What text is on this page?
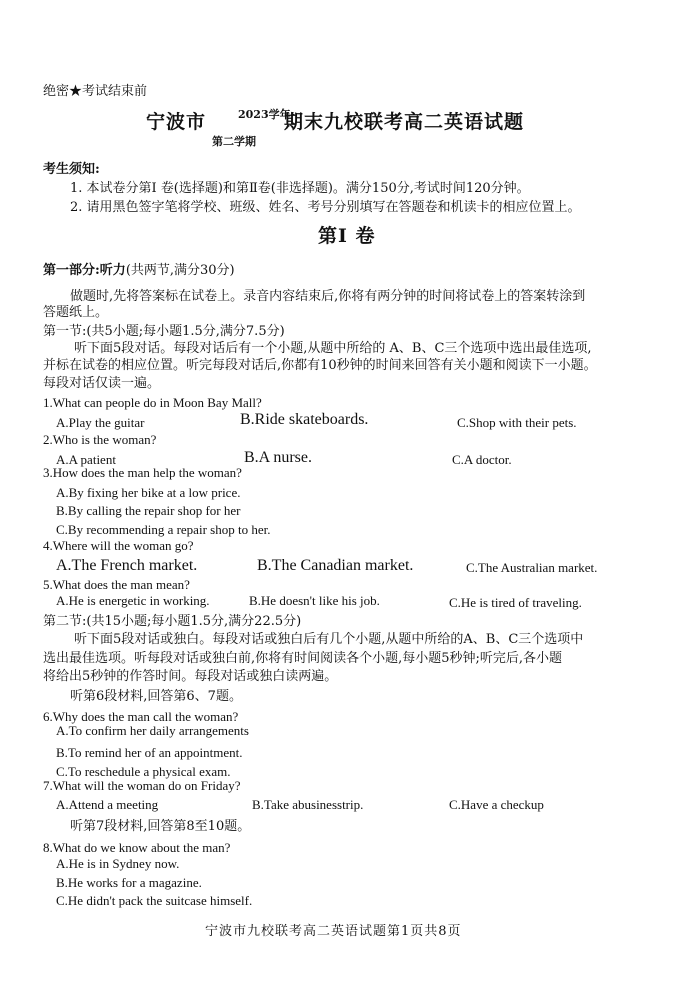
绝密★考试结束前
宁波市	2023学年
第二学期
期末九校联考高二英语试题
考生须知:
1. 本试卷分第I 卷(选择题)和第Ⅱ卷(非选择题)。满分150分,考试时间120分钟。
2. 请用黑色签字笔将学校、班级、姓名、考号分别填写在答题卷和机读卡的相应位置上。
第I 卷
第一部分:听力(共两节,满分30分)
做题时,先将答案标在试卷上。录音内容结束后,你将有两分钟的时间将试卷上的答案转涂到
答题纸上。
第一节:(共5小题;每小题1.5分,满分7.5分)
听下面5段对话。每段对话后有一个小题,从题中所给的 A、B、C三个选项中选出最佳选项,
并标在试卷的相应位置。听完每段对话后,你都有10秒钟的时间来回答有关小题和阅读下一小题。
每段对话仅读一遍。
1.What can people do in Moon Bay Mall?
A.Play the guitar	B.Ride skateboards.	C.Shop with their pets.
2.Who is the woman?
A.A patient	B.A nurse.	C.A doctor.
3.How does the man help the woman?
A.By fixing her bike at a low price.
B.By calling the repair shop for her
C.By recommending a repair shop to her.
4.Where will the woman go?
A.The French market.	B.The Canadian market.	C.The Australian market.
5.What does the man mean?
A.He is energetic in working.	B.He doesn't like his job.	C.He is tired of traveling.
第二节:(共15小题;每小题1.5分,满分22.5分)
听下面5段对话或独白。每段对话或独白后有几个小题,从题中所给的A、B、C三个选项中
选出最佳选项。听每段对话或独白前,你将有时间阅读各个小题,每小题5秒钟;听完后,各小题
将给出5秒钟的作答时间。每段对话或独白读两遍。
听第6段材料,回答第6、7题。
6.Why does the man call the woman?
A.To confirm her daily arrangements
B.To remind her of an appointment.
C.To reschedule a physical exam.
7.What will the woman do on Friday?
A.Attend a meeting	B.Take abusinesstrip.	C.Have a checkup
听第7段材料,回答第8至10题。
8.What do we know about the man?
A.He is in Sydney now.
B.He works for a magazine.
C.He didn't pack the suitcase himself.
宁波市九校联考高二英语试题第1页共8页
